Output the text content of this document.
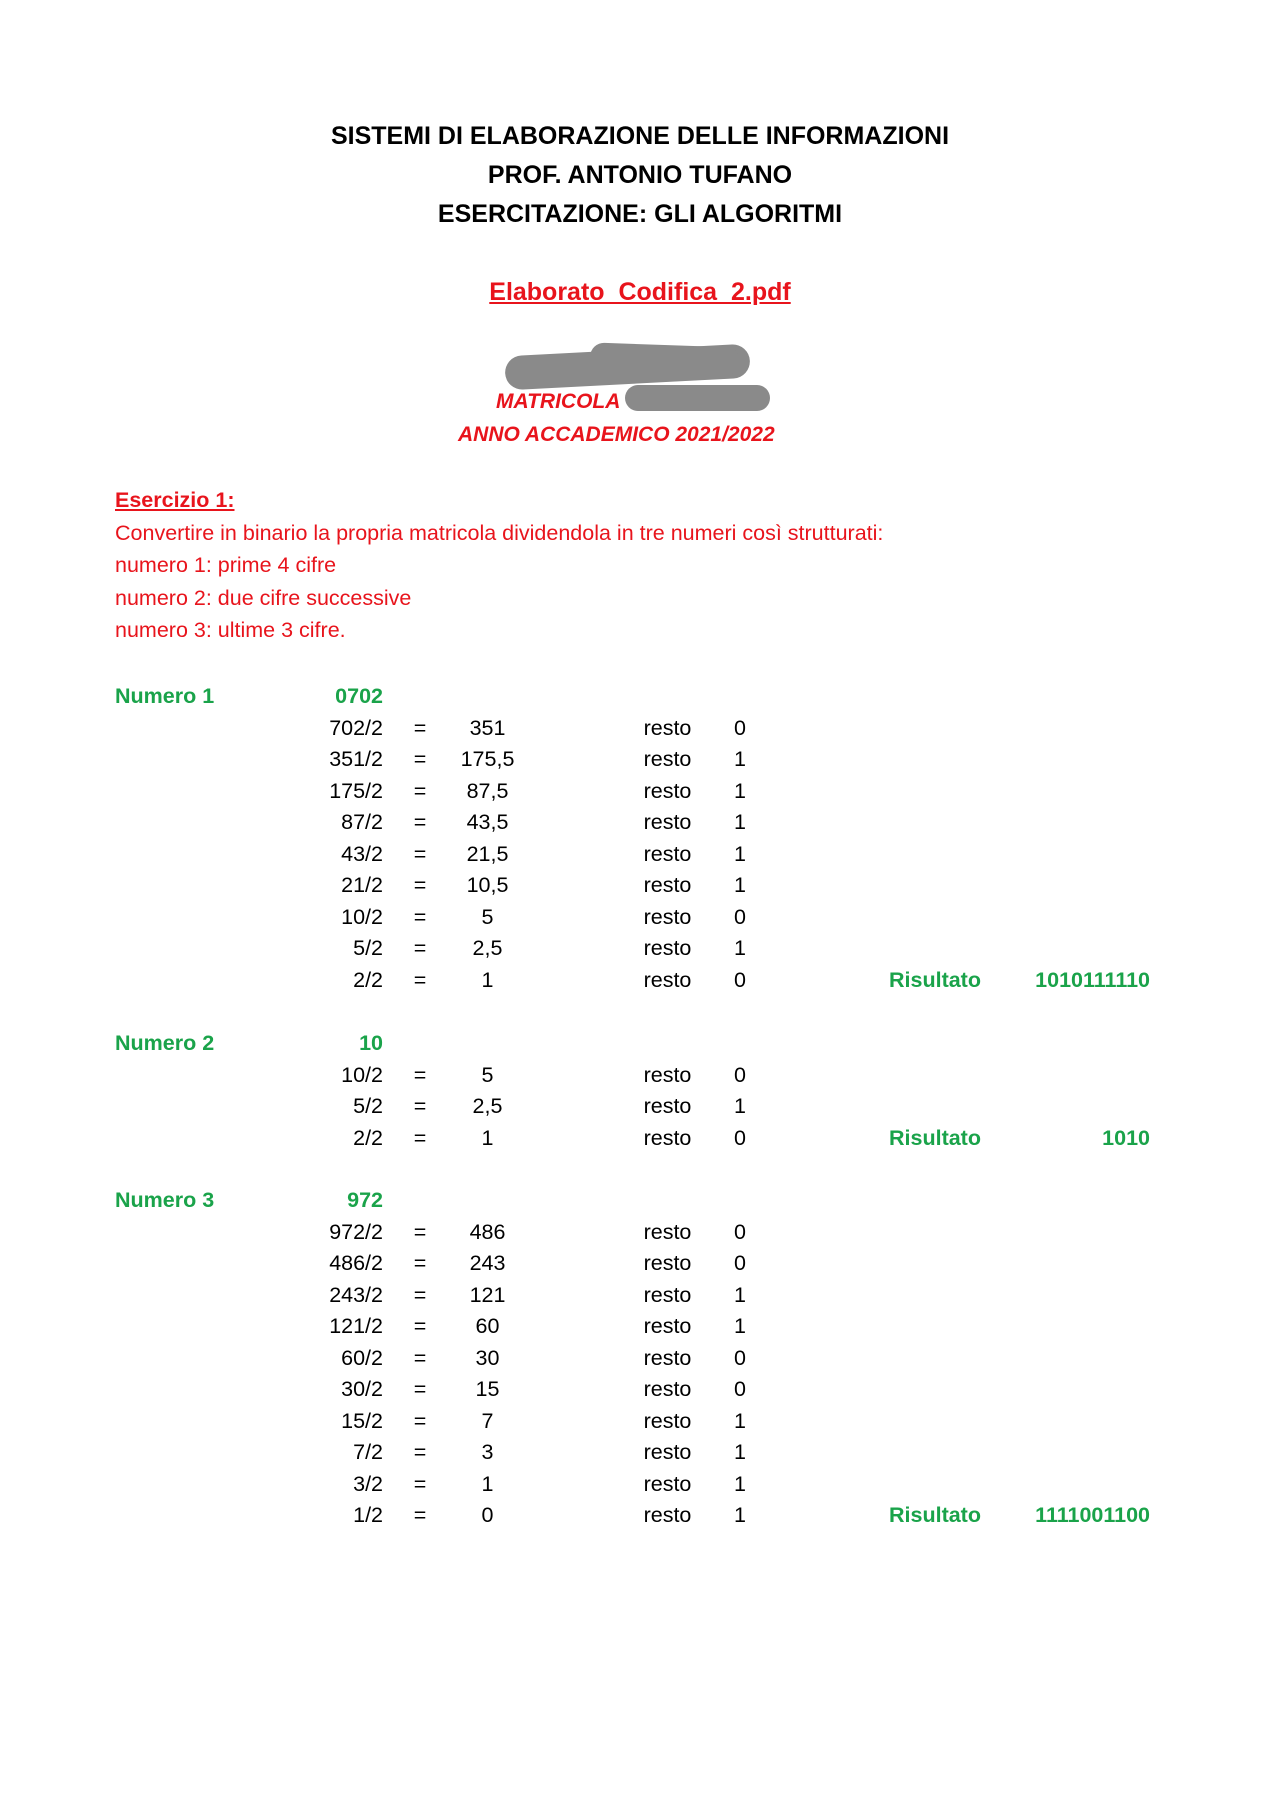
SISTEMI DI ELABORAZIONE DELLE INFORMAZIONI
PROF. ANTONIO TUFANO
ESERCITAZIONE: GLI ALGORITMI
Elaborato_Codifica_2.pdf
MATRICOLA
ANNO ACCADEMICO 2021/2022
Esercizio 1:
Convertire in binario la propria matricola dividendola in tre numeri così strutturati:
numero 1: prime 4 cifre
numero 2: due cifre successive
numero 3: ultime 3 cifre.
Numero 1	0702
702/2	=	351	resto	0
351/2	=	175,5	resto	1
175/2	=	87,5	resto	1
87/2	=	43,5	resto	1
43/2	=	21,5	resto	1
21/2	=	10,5	resto	1
10/2	=	5	resto	0
5/2	=	2,5	resto	1
2/2	=	1	resto	0	Risultato	1010111110
Numero 2	10
10/2	=	5	resto	0
5/2	=	2,5	resto	1
2/2	=	1	resto	0	Risultato	1010
Numero 3	972
972/2	=	486	resto	0
486/2	=	243	resto	0
243/2	=	121	resto	1
121/2	=	60	resto	1
60/2	=	30	resto	0
30/2	=	15	resto	0
15/2	=	7	resto	1
7/2	=	3	resto	1
3/2	=	1	resto	1
1/2	=	0	resto	1	Risultato	1111001100
